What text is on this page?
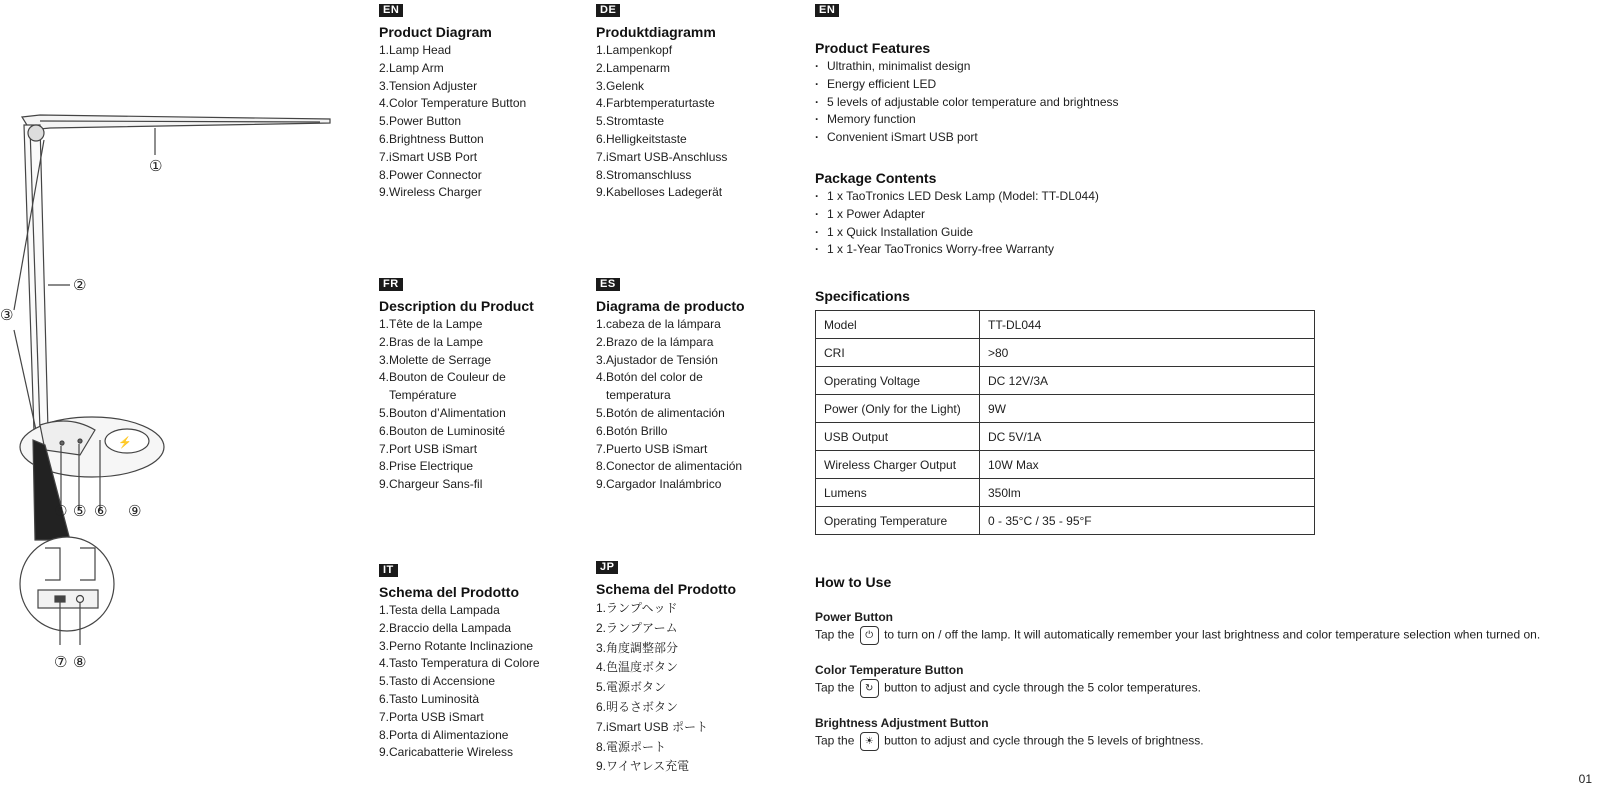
⚡
①
②
③
④ ⑤ ⑥ ⑨
⑦ ⑧
EN
Product Diagram
1.Lamp Head
2.Lamp Arm
3.Tension Adjuster
4.Color Temperature Button
5.Power Button
6.Brightness Button
7.iSmart USB Port
8.Power Connector
9.Wireless Charger
DE
Produktdiagramm
1.Lampenkopf
2.Lampenarm
3.Gelenk
4.Farbtemperaturtaste
5.Stromtaste
6.Helligkeitstaste
7.iSmart USB-Anschluss
8.Stromanschluss
9.Kabelloses Ladegerät
FR
Description du Product
1.Tête de la Lampe
2.Bras de la Lampe
3.Molette de Serrage
4.Bouton de Couleur de
Température
5.Bouton d’Alimentation
6.Bouton de Luminosité
7.Port USB iSmart
8.Prise Electrique
9.Chargeur Sans-fil
ES
Diagrama de producto
1.cabeza de la lámpara
2.Brazo de la lámpara
3.Ajustador de Tensión
4.Botón del color de
temperatura
5.Botón de alimentación
6.Botón Brillo
7.Puerto USB iSmart
8.Conector de alimentación
9.Cargador Inalámbrico
IT
Schema del Prodotto
1.Testa della Lampada
2.Braccio della Lampada
3.Perno Rotante Inclinazione
4.Tasto Temperatura di Colore
5.Tasto di Accensione
6.Tasto Luminosità
7.Porta USB iSmart
8.Porta di Alimentazione
9.Caricabatterie Wireless
JP
Schema del Prodotto
1.ランプヘッド
2.ランプアーム
3.角度調整部分
4.色温度ボタン
5.電源ボタン
6.明るさボタン
7.iSmart USB ポート
8.電源ポート
9.ワイヤレス充電
EN
Product Features
· Ultrathin, minimalist design
· Energy efficient LED
· 5 levels of adjustable color temperature and brightness
· Memory function
· Convenient iSmart USB port
Package Contents
· 1 x TaoTronics LED Desk Lamp (Model: TT-DL044)
· 1 x Power Adapter
· 1 x Quick Installation Guide
· 1 x 1-Year TaoTronics Worry-free Warranty
Specifications
Model	TT-DL044
CRI	>80
Operating Voltage	DC 12V/3A
Power (Only for the Light)	9W
USB Output	DC 5V/1A
Wireless Charger Output	10W Max
Lumens	350lm
Operating Temperature	0 - 35°C / 35 - 95°F
How to Use

Power Button

Tap the ⏻ to turn on / off the lamp. It will automatically remember your last brightness and color temperature selection when turned on.

Color Temperature Button

Tap the ↻ button to adjust and cycle through the 5 color temperatures.

Brightness Adjustment Button

Tap the ☀ button to adjust and cycle through the 5 levels of brightness.

01
